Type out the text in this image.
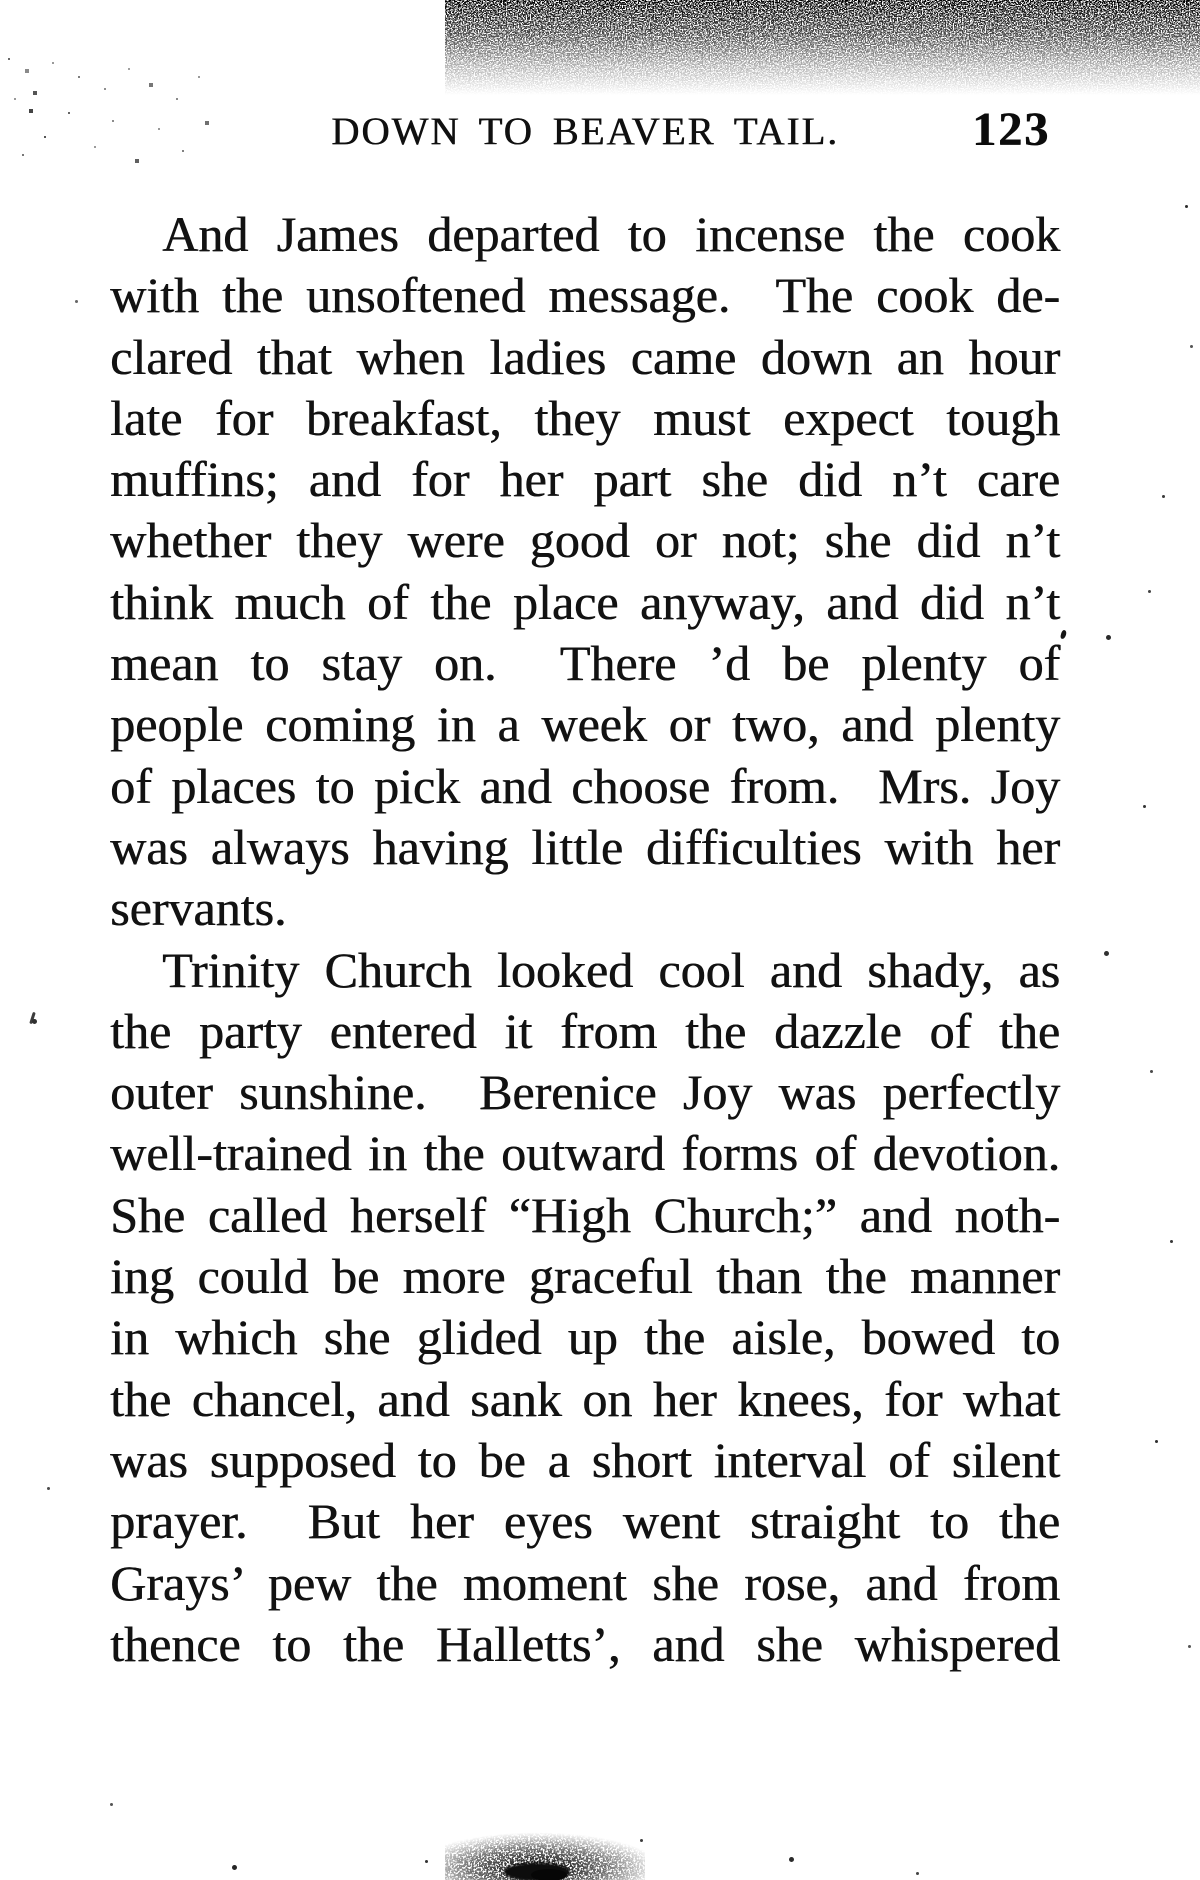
DOWN TO BEAVER TAIL.	123
And James departed to incense the cook
with the unsoftened message.  The cook de-
clared that when ladies came down an hour
late for breakfast, they must expect tough
muffins; and for her part she did n’t care
whether they were good or not; she did n’t
think much of the place anyway, and did n’t
mean to stay on.  There ’d be plenty of
people coming in a week or two, and plenty
of places to pick and choose from.  Mrs. Joy
was always having little difficulties with her
servants.
Trinity Church looked cool and shady, as
the party entered it from the dazzle of the
outer sunshine.  Berenice Joy was perfectly
well-trained in the outward forms of devotion.
She called herself “High Church;” and noth-
ing could be more graceful than the manner
in which she glided up the aisle, bowed to
the chancel, and sank on her knees, for what
was supposed to be a short interval of silent
prayer.  But her eyes went straight to the
Grays’ pew the moment she rose, and from
thence to the Halletts’, and she whispered
